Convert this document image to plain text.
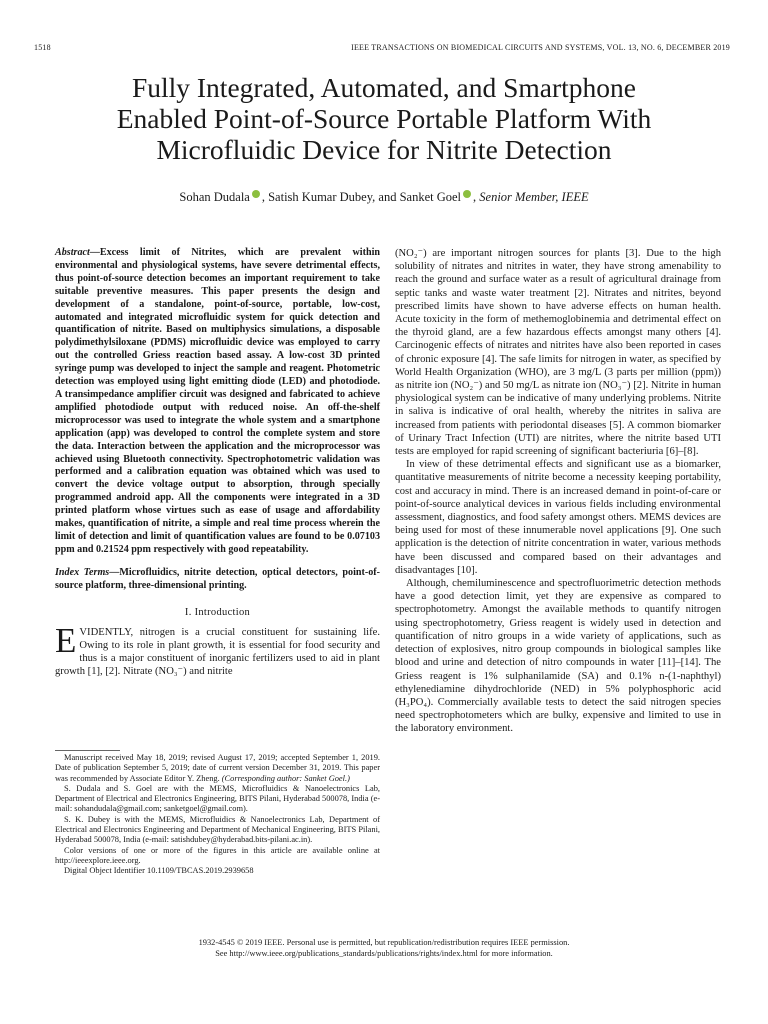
1518	IEEE TRANSACTIONS ON BIOMEDICAL CIRCUITS AND SYSTEMS, VOL. 13, NO. 6, DECEMBER 2019
Fully Integrated, Automated, and Smartphone
Enabled Point-of-Source Portable Platform With
Microfluidic Device for Nitrite Detection
Sohan Dudala , Satish Kumar Dubey, and Sanket Goel , Senior Member, IEEE

Abstract—Excess limit of Nitrites, which are prevalent within environmental and physiological systems, have severe detrimental effects, thus point-of-source detection becomes an important requirement to take suitable preventive measures. This paper presents the design and development of a standalone, point-of-source, portable, low-cost, automated and integrated microfluidic system for quick detection and quantification of nitrite. Based on multiphysics simulations, a disposable polydimethylsiloxane (PDMS) microfluidic device was employed to carry out the controlled Griess reaction based assay. A low-cost 3D printed syringe pump was developed to inject the sample and reagent. Photometric detection was employed using light emitting diode (LED) and photodiode. A transimpedance amplifier circuit was designed and fabricated to achieve amplified photodiode output with reduced noise. An off-the-shelf microprocessor was used to integrate the whole system and a smartphone application (app) was developed to control the complete system and store the data. Interaction between the application and the microprocessor was achieved using Bluetooth connectivity. Spectrophotometric validation was performed and a calibration equation was obtained which was used to convert the device voltage output to absorption, through specially programmed android app. All the components were integrated in a 3D printed platform whose virtues such as ease of usage and affordability makes, quantification of nitrite, a simple and real time process wherein the limit of detection and limit of quantification values are found to be 0.07103 ppm and 0.21524 ppm respectively with good repeatability.

Index Terms—Microfluidics, nitrite detection, optical detectors, point-of-source platform, three-dimensional printing.

I. Introduction

EVIDENTLY, nitrogen is a crucial constituent for sustaining life. Owing to its role in plant growth, it is essential for food security and thus is a major constituent of inorganic fertilizers used to aid in plant growth [1], [2]. Nitrate (NO₃⁻) and nitrite

Manuscript received May 18, 2019; revised August 17, 2019; accepted September 1, 2019. Date of publication September 5, 2019; date of current version December 31, 2019. This paper was recommended by Associate Editor Y. Zheng. (Corresponding author: Sanket Goel.)

S. Dudala and S. Goel are with the MEMS, Microfluidics & Nanoelectronics Lab, Department of Electrical and Electronics Engineering, BITS Pilani, Hyderabad 500078, India (e-mail: sohandudala@gmail.com; sanketgoel@gmail.com).

S. K. Dubey is with the MEMS, Microfluidics & Nanoelectronics Lab, Department of Electrical and Electronics Engineering and Department of Mechanical Engineering, BITS Pilani, Hyderabad 500078, India (e-mail: satishdubey@hyderabad.bits-pilani.ac.in).

Color versions of one or more of the figures in this article are available online at http://ieeexplore.ieee.org.

Digital Object Identifier 10.1109/TBCAS.2019.2939658

(NO₂⁻) are important nitrogen sources for plants [3]. Due to the high solubility of nitrates and nitrites in water, they have strong amenability to reach the ground and surface water as a result of agricultural drainage from septic tanks and waste water treatment [2]. Nitrates and nitrites, beyond prescribed limits have shown to have adverse effects on human health. Acute toxicity in the form of methemoglobinemia and detrimental effect on the thyroid gland, are a few hazardous effects amongst many others [4]. Carcinogenic effects of nitrates and nitrites have also been reported in cases of chronic exposure [4]. The safe limits for nitrogen in water, as specified by World Health Organization (WHO), are 3 mg/L (3 parts per million (ppm)) as nitrite ion (NO₂⁻) and 50 mg/L as nitrate ion (NO₃⁻) [2]. Nitrite in human physiological system can be indicative of many underlying problems. Nitrite in saliva is indicative of oral health, whereby the nitrites in saliva are increased from patients with periodontal diseases [5]. A common biomarker of Urinary Tract Infection (UTI) are nitrites, where the nitrite based UTI tests are employed for rapid screening of significant bacteriuria [6]–[8].

In view of these detrimental effects and significant use as a biomarker, quantitative measurements of nitrite become a necessity keeping portability, cost and accuracy in mind. There is an increased demand in point-of-care or point-of-source analytical devices in various fields including environmental assessment, diagnostics, and food safety amongst others. MEMS devices are being used for most of these innumerable novel applications [9]. One such application is the detection of nitrite concentration in water, various methods have been discussed and compared based on their advantages and disadvantages [10].

Although, chemiluminescence and spectrofluorimetric detection methods have a good detection limit, yet they are expensive as compared to spectrophotometry. Amongst the available methods to quantify nitrogen using spectrophotometry, Griess reagent is widely used in detection and quantification of nitro groups in a wide variety of applications, such as detection of explosives, nitro group compounds in biological samples like blood and urine and detection of nitro compounds in water [11]–[14]. The Griess reagent is 1% sulphanilamide (SA) and 0.1% n-(1-naphthyl) ethylenediamine dihydrochloride (NED) in 5% polyphosphoric acid (H₃PO₄). Commercially available tests to detect the said nitrogen species need spectrophotometers which are bulky, expensive and limited to use in the laboratory environment.

1932-4545 © 2019 IEEE. Personal use is permitted, but republication/redistribution requires IEEE permission.
See http://www.ieee.org/publications_standards/publications/rights/index.html for more information.
